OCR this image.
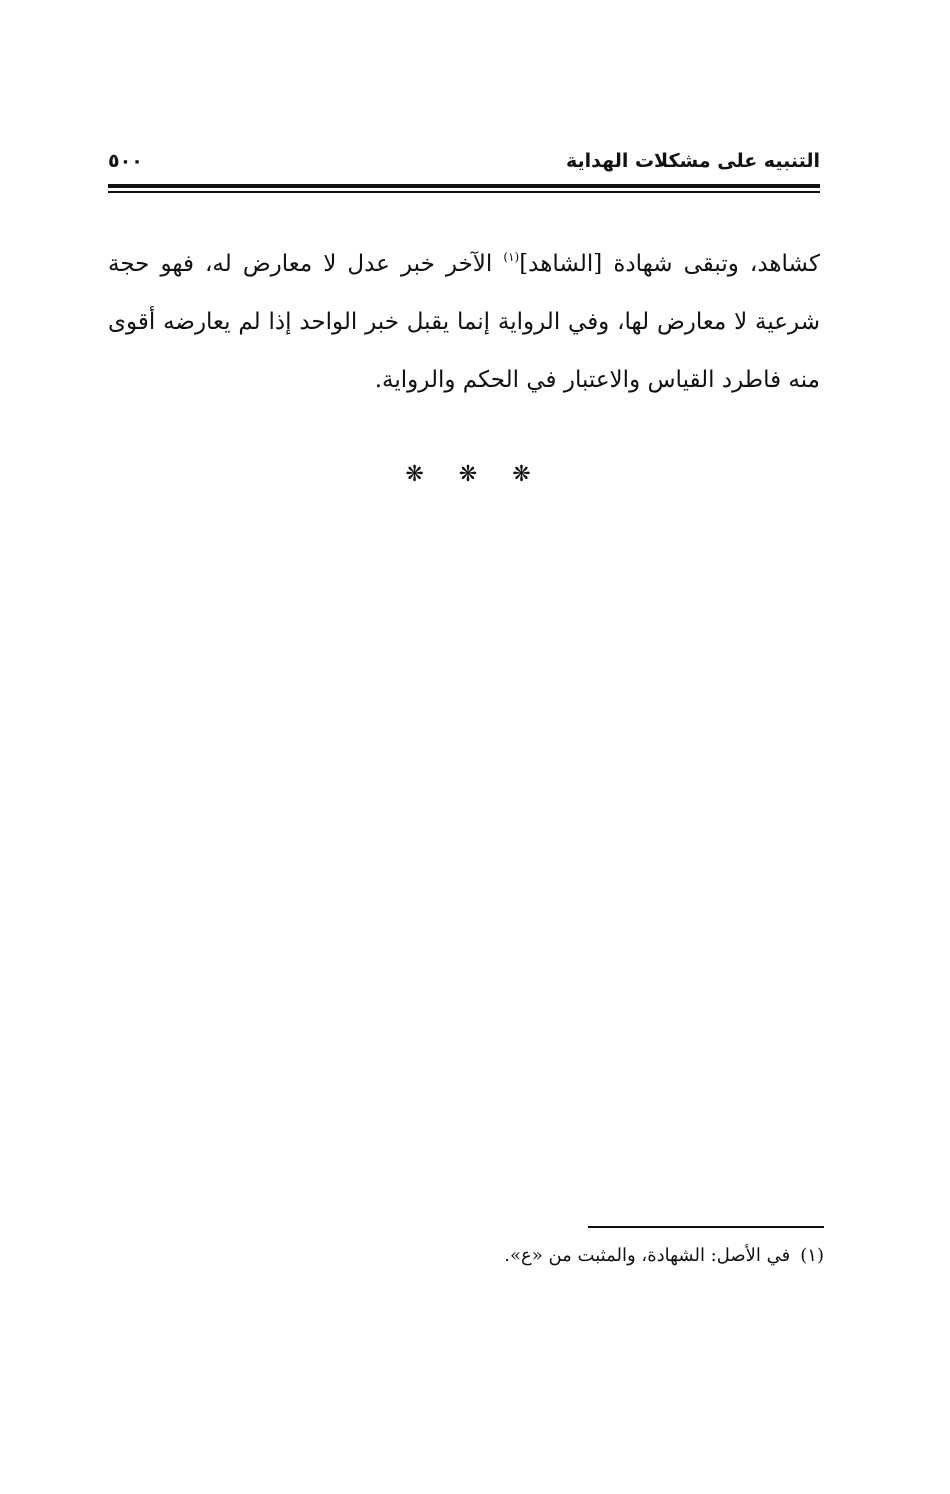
٥٠٠	التنبيه على مشكلات الهداية
كشاهد، وتبقى شهادة [الشاهد]$^{(١)}$ الآخر خبر عدل لا معارض له، فهو حجة
شرعية لا معارض لها، وفي الرواية إنما يقبل خبر الواحد إذا لم يعارضه أقوى
منه فاطرد القياس والاعتبار في الحكم والرواية.
❋ ❋ ❋
(١)في الأصل: الشهادة، والمثبت من «ع».
